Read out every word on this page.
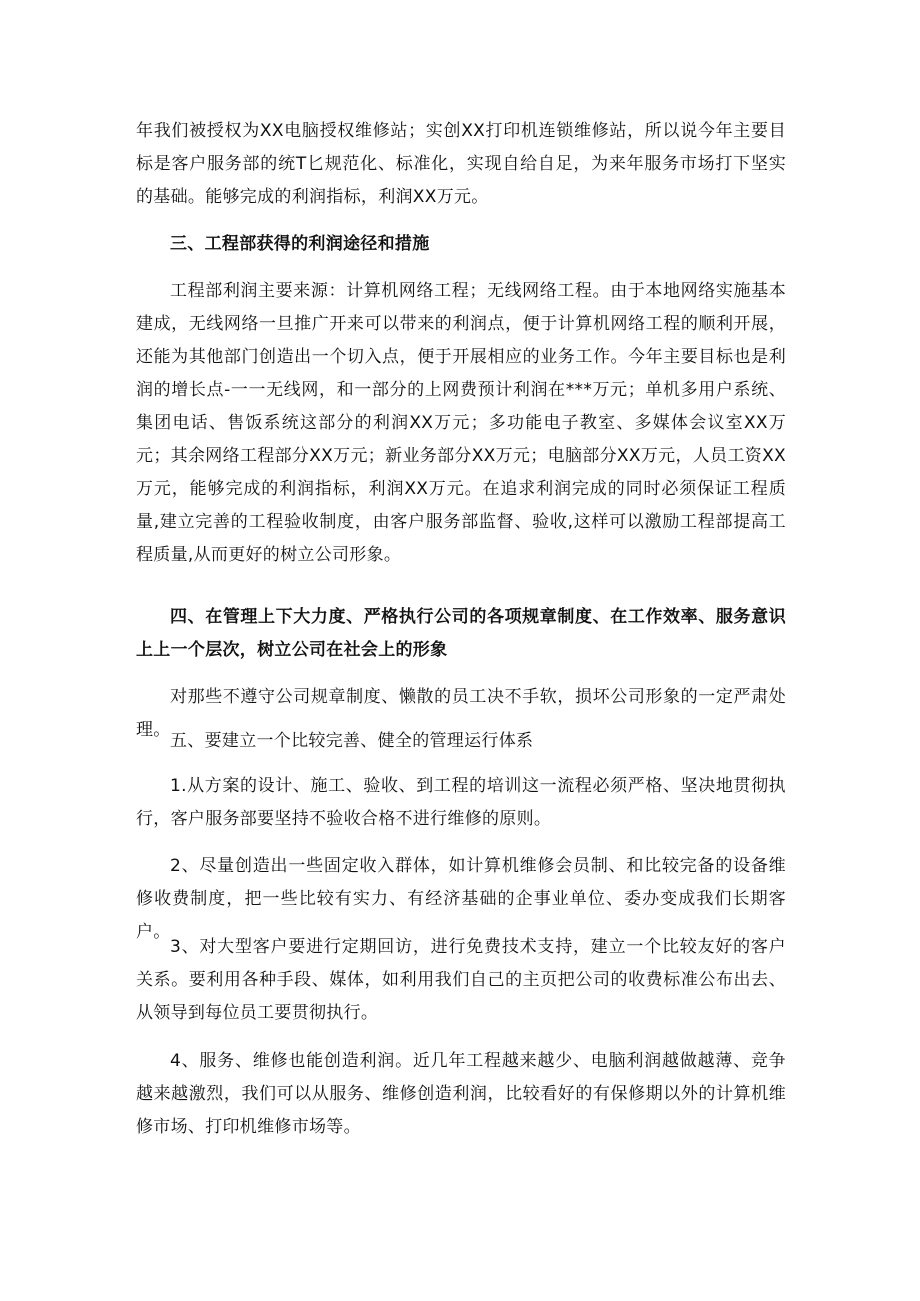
年我们被授权为XX电脑授权维修站；实创XX打印机连锁维修站，所以说今年主要目标是客户服务部的统T匕规范化、标准化，实现自给自足，为来年服务市场打下坚实的基础。能够完成的利润指标，利润XX万元。

三、工程部获得的利润途径和措施

工程部利润主要来源：计算机网络工程；无线网络工程。由于本地网络实施基本建成，无线网络一旦推广开来可以带来的利润点，便于计算机网络工程的顺利开展，还能为其他部门创造出一个切入点，便于开展相应的业务工作。今年主要目标也是利润的增长点-一一无线网，和一部分的上网费预计利润在***万元；单机多用户系统、集团电话、售饭系统这部分的利润XX万元；多功能电子教室、多媒体会议室XX万元；其余网络工程部分XX万元；新业务部分XX万元；电脑部分XX万元，人员工资XX万元，能够完成的利润指标，利润XX万元。在追求利润完成的同时必须保证工程质量,建立完善的工程验收制度，由客户服务部监督、验收,这样可以激励工程部提高工程质量,从而更好的树立公司形象。

四、在管理上下大力度、严格执行公司的各项规章制度、在工作效率、服务意识上上一个层次，树立公司在社会上的形象

对那些不遵守公司规章制度、懒散的员工决不手软，损坏公司形象的一定严肃处理。

五、要建立一个比较完善、健全的管理运行体系

1.从方案的设计、施工、验收、到工程的培训这一流程必须严格、坚决地贯彻执行，客户服务部要坚持不验收合格不进行维修的原则。

2、尽量创造出一些固定收入群体，如计算机维修会员制、和比较完备的设备维修收费制度，把一些比较有实力、有经济基础的企事业单位、委办变成我们长期客户。

3、对大型客户要进行定期回访，进行免费技术支持，建立一个比较友好的客户关系。要利用各种手段、媒体，如利用我们自己的主页把公司的收费标准公布出去、从领导到每位员工要贯彻执行。

4、服务、维修也能创造利润。近几年工程越来越少、电脑利润越做越薄、竞争越来越激烈，我们可以从服务、维修创造利润，比较看好的有保修期以外的计算机维修市场、打印机维修市场等。
